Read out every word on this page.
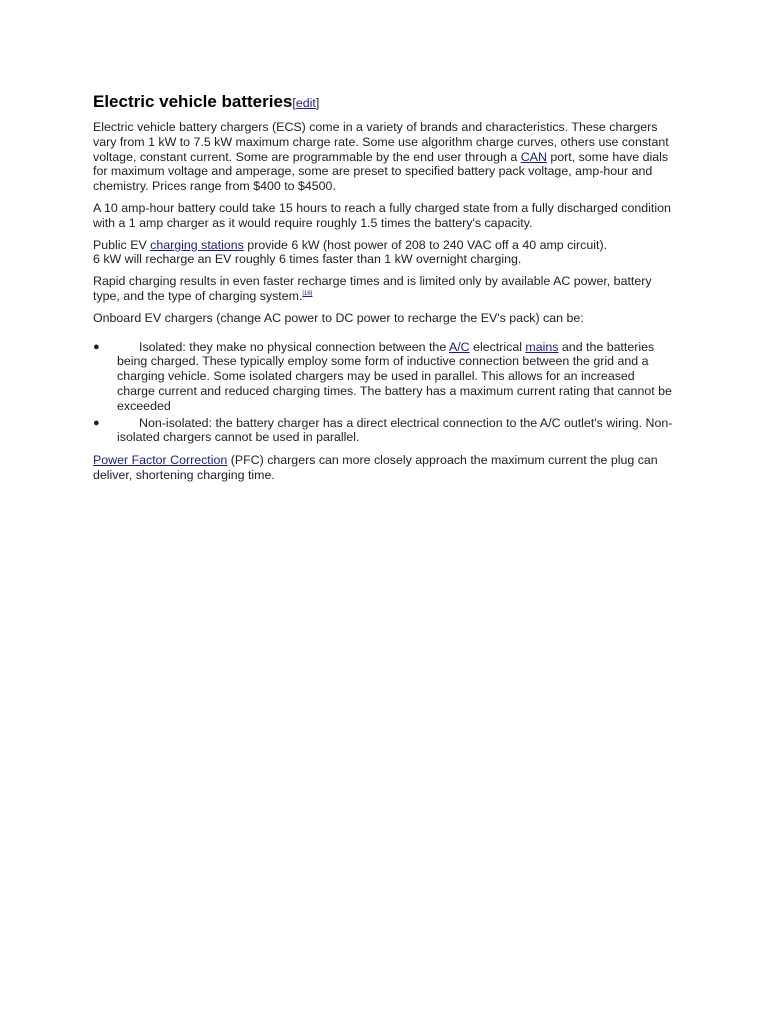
Electric vehicle batteries[edit]

Electric vehicle battery chargers (ECS) come in a variety of brands and characteristics. These chargers vary from 1 kW to 7.5 kW maximum charge rate. Some use algorithm charge curves, others use constant voltage, constant current. Some are programmable by the end user through a CAN port, some have dials for maximum voltage and amperage, some are preset to specified battery pack voltage, amp-hour and chemistry. Prices range from $400 to $4500.

A 10 amp-hour battery could take 15 hours to reach a fully charged state from a fully discharged condition with a 1 amp charger as it would require roughly 1.5 times the battery's capacity.

Public EV charging stations provide 6 kW (host power of 208 to 240 VAC off a 40 amp circuit).
6 kW will recharge an EV roughly 6 times faster than 1 kW overnight charging.

Rapid charging results in even faster recharge times and is limited only by available AC power, battery type, and the type of charging system.[16]

Onboard EV chargers (change AC power to DC power to recharge the EV's pack) can be:

●	Isolated: they make no physical connection between the A/C electrical mains and the batteries being charged. These typically employ some form of inductive connection between the grid and a charging vehicle. Some isolated chargers may be used in parallel. This allows for an increased charge current and reduced charging times. The battery has a maximum current rating that cannot be exceeded
●	Non-isolated: the battery charger has a direct electrical connection to the A/C outlet's wiring. Non-isolated chargers cannot be used in parallel.

Power Factor Correction (PFC) chargers can more closely approach the maximum current the plug can deliver, shortening charging time.
